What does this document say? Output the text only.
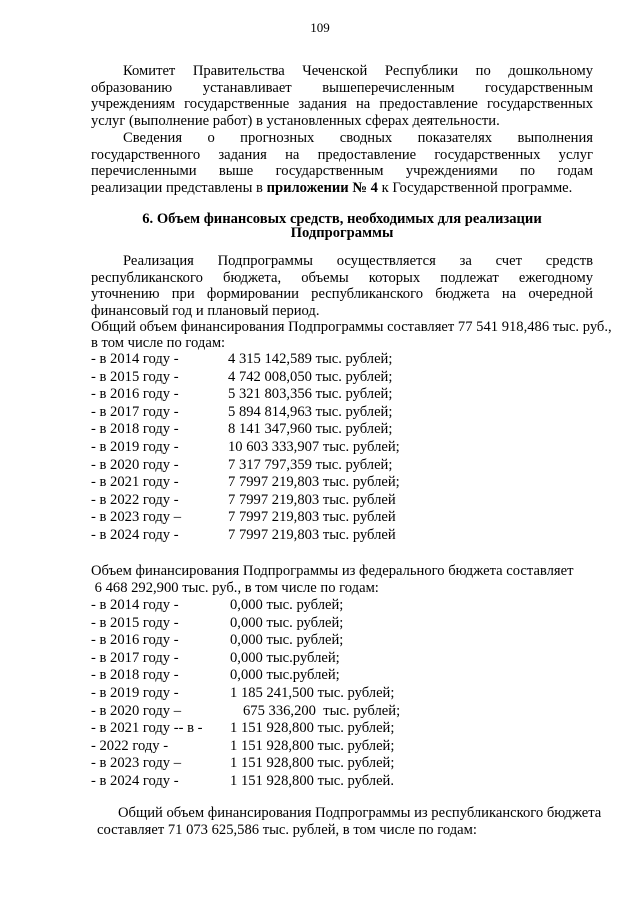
109
Комитет Правительства Чеченской Республики по дошкольному
образованию устанавливает вышеперечисленным государственным
учреждениям государственные задания на предоставление государственных
услуг (выполнение работ) в установленных сферах деятельности.
Сведения о прогнозных сводных показателях выполнения
государственного задания на предоставление государственных услуг
перечисленными выше государственным учреждениями по годам
реализации представлены в приложении № 4 к Государственной программе.
6. Объем финансовых средств, необходимых для реализации
Подпрограммы
Реализация Подпрограммы осуществляется за счет средств
республиканского бюджета, объемы которых подлежат ежегодному
уточнению при формировании республиканского бюджета на очередной
финансовый год и плановый период.
Общий объем финансирования Подпрограммы составляет 77 541 918,486 тыс. руб.,
в том числе по годам:
- в 2014 году -	4 315 142,589 тыс. рублей;
- в 2015 году -	4 742 008,050 тыс. рублей;
- в 2016 году -	5 321 803,356 тыс. рублей;
- в 2017 году -	5 894 814,963 тыс. рублей;
- в 2018 году -	8 141 347,960 тыс. рублей;
- в 2019 году -	10 603 333,907 тыс. рублей;
- в 2020 году -	7 317 797,359 тыс. рублей;
- в 2021 году -	7 7997 219,803 тыс. рублей;
- в 2022 году -	7 7997 219,803 тыс. рублей
- в 2023 году –	7 7997 219,803 тыс. рублей
- в 2024 году -	7 7997 219,803 тыс. рублей
Объем финансирования Подпрограммы из федерального бюджета составляет
6 468 292,900 тыс. руб., в том числе по годам:
- в 2014 году -	0,000 тыс. рублей;
- в 2015 году -	0,000 тыс. рублей;
- в 2016 году -	0,000 тыс. рублей;
- в 2017 году -	0,000 тыс.рублей;
- в 2018 году -	0,000 тыс.рублей;
- в 2019 году -	1 185 241,500 тыс. рублей;
- в 2020 году –	675 336,200  тыс. рублей;
- в 2021 году -- в - 1 151 928,800 тыс. рублей;
- 2022 году -	1 151 928,800 тыс. рублей;
- в 2023 году –	1 151 928,800 тыс. рублей;
- в 2024 году -	1 151 928,800 тыс. рублей.
Общий объем финансирования Подпрограммы из республиканского бюджета
составляет 71 073 625,586 тыс. рублей, в том числе по годам:
